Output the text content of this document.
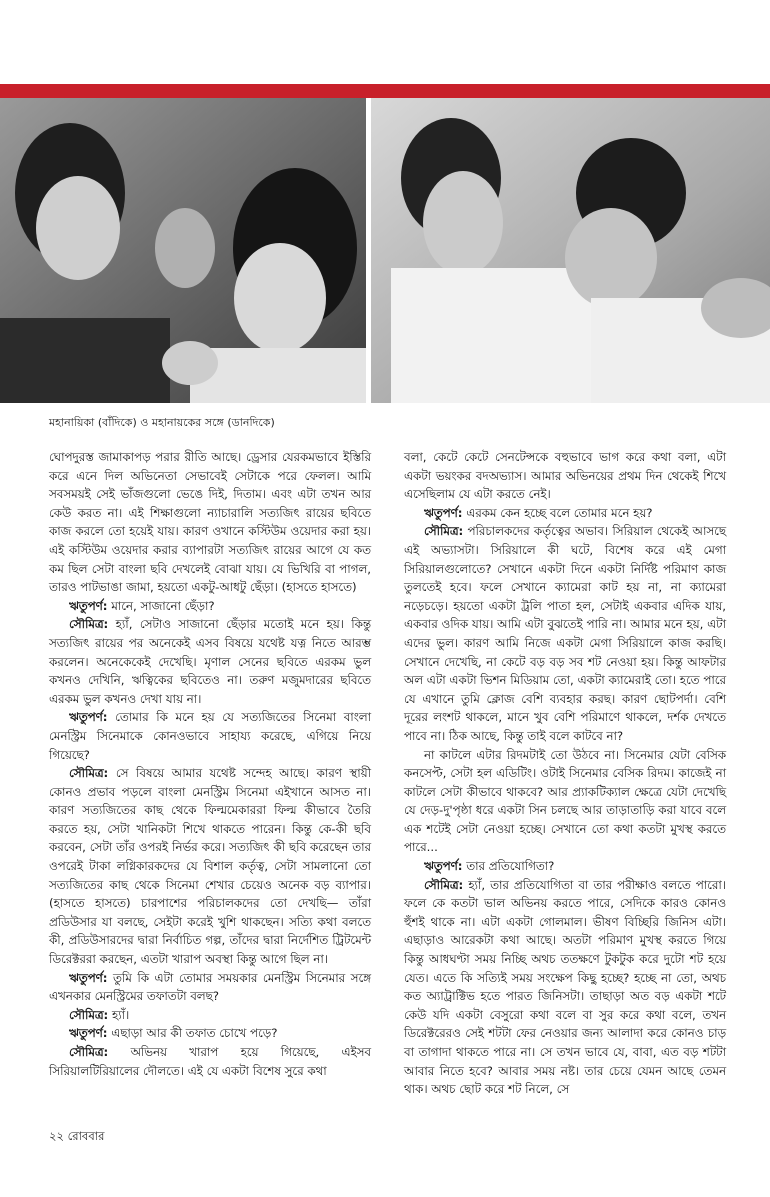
মহানায়িকা (বাঁদিকে) ও মহানায়কের সঙ্গে (ডানদিকে)

ঘোপদুরস্ত জামাকাপড় পরার রীতি আছে। ড্রেসার যেরকমভাবে ইস্তিরি করে এনে দিল অভিনেতা সেভাবেই সেটাকে পরে ফেলল। আমি সবসময়ই সেই ভাঁজগুলো ভেঙে দিই, দিতাম। এবং এটা তখন আর কেউ করত না। এই শিক্ষাগুলো ন্যাচারালি সত্যজিৎ রায়ের ছবিতে কাজ করলে তো হয়েই যায়। কারণ ওখানে কস্টিউম ওয়েদার করা হয়। এই কস্টিউম ওয়েদার করার ব্যাপারটা সত্যজিৎ রায়ের আগে যে কত কম ছিল সেটা বাংলা ছবি দেখলেই বোঝা যায়। যে ভিখিরি বা পাগল, তারও পাটভাঙা জামা, হয়তো একটু-আধটু ছেঁড়া। (হাসতে হাসতে)

ঋতুপর্ণ: মানে, সাজানো ছেঁড়া?

সৌমিত্র: হ্যাঁ, সেটাও সাজানো ছেঁড়ার মতোই মনে হয়। কিন্তু সত্যজিৎ রায়ের পর অনেকেই এসব বিষয়ে যথেষ্ট যত্ন নিতে আরম্ভ করলেন। অনেকেকেই দেখেছি। মৃণাল সেনের ছবিতে এরকম ভুল কখনও দেখিনি, ঋত্বিকের ছবিতেও না। তরুণ মজুমদারের ছবিতে এরকম ভুল কখনও দেখা যায় না।

ঋতুপর্ণ: তোমার কি মনে হয় যে সত্যজিতের সিনেমা বাংলা মেনস্ট্রিম সিনেমাকে কোনওভাবে সাহায্য করেছে, এগিয়ে নিয়ে গিয়েছে?

সৌমিত্র: সে বিষয়ে আমার যথেষ্ট সন্দেহ আছে। কারণ স্থায়ী কোনও প্রভাব পড়লে বাংলা মেনস্ট্রিম সিনেমা এইখানে আসত না। কারণ সত্যজিতের কাছ থেকে ফিল্মমেকাররা ফিল্ম কীভাবে তৈরি করতে হয়, সেটা খানিকটা শিখে থাকতে পারেন। কিন্তু কে-কী ছবি করবেন, সেটা তাঁর ওপরই নির্ভর করে। সত্যজিৎ কী ছবি করেছেন তার ওপরেই টাকা লগ্নিকারকদের যে বিশাল কর্তৃত্ব, সেটা সামলানো তো সত্যজিতের কাছ থেকে সিনেমা শেখার চেয়েও অনেক বড় ব্যাপার। (হাসতে হাসতে) চারপাশের পরিচালকদের তো দেখছি— তাঁরা প্রডিউসার যা বলছে, সেইটা করেই খুশি থাকছেন। সত্যি কথা বলতে কী, প্রডিউসারদের দ্বারা নির্বাচিত গল্প, তাঁদের দ্বারা নির্দেশিত ট্রিটমেন্ট ডিরেক্টররা করছেন, এতটা খারাপ অবস্থা কিন্তু আগে ছিল না।

ঋতুপর্ণ: তুমি কি এটা তোমার সময়কার মেনস্ট্রিম সিনেমার সঙ্গে এখনকার মেনস্ট্রিমের তফাতটা বলছ?

সৌমিত্র: হ্যাঁ।

ঋতুপর্ণ: এছাড়া আর কী তফাত চোখে পড়ে?

সৌমিত্র: অভিনয় খারাপ হয়ে গিয়েছে, এইসব সিরিয়ালটিরিয়ালের দৌলতে। এই যে একটা বিশেষ সুরে কথা

বলা, কেটে কেটে সেনটেন্সকে বহুভাবে ভাগ করে কথা বলা, এটা একটা ভয়ংকর বদঅভ্যাস। আমার অভিনয়ের প্রথম দিন থেকেই শিখে এসেছিলাম যে এটা করতে নেই।

ঋতুপর্ণ: এরকম কেন হচ্ছে বলে তোমার মনে হয়?

সৌমিত্র: পরিচালকদের কর্তৃত্বের অভাব। সিরিয়াল থেকেই আসছে এই অভ্যাসটা। সিরিয়ালে কী ঘটে, বিশেষ করে এই মেগা সিরিয়ালগুলোতে? সেখানে একটা দিনে একটা নির্দিষ্ট পরিমাণ কাজ তুলতেই হবে। ফলে সেখানে ক্যামেরা কাট হয় না, না ক্যামেরা নড়েচড়ে। হয়তো একটা ট্রলি পাতা হল, সেটাই একবার এদিক যায়, একবার ওদিক যায়। আমি এটা বুঝতেই পারি না। আমার মনে হয়, এটা এদের ভুল। কারণ আমি নিজে একটা মেগা সিরিয়ালে কাজ করছি। সেখানে দেখেছি, না কেটে বড় বড় সব শট নেওয়া হয়। কিন্তু আফটার অল এটা একটা ভিশন মিডিয়াম তো, একটা ক্যামেরাই তো। হতে পারে যে এখানে তুমি ক্লোজ বেশি ব্যবহার করছ। কারণ ছোটপর্দা। বেশি দূরের লংশট থাকলে, মানে খুব বেশি পরিমাণে থাকলে, দর্শক দেখতে পাবে না। ঠিক আছে, কিন্তু তাই বলে কাটবে না?

না কাটলে এটার রিদমটাই তো উঠবে না। সিনেমার যেটা বেসিক কনসেপ্ট, সেটা হল এডিটিং। ওটাই সিনেমার বেসিক রিদম। কাজেই না কাটলে সেটা কীভাবে থাকবে? আর প্র্যাকটিক্যাল ক্ষেত্রে যেটা দেখেছি যে দেড়-দু'পৃষ্ঠা ধরে একটা সিন চলছে আর তাড়াতাড়ি করা যাবে বলে এক শটেই সেটা নেওয়া হচ্ছে। সেখানে তো কথা কতটা মুখস্থ করতে পারে...

ঋতুপর্ণ: তার প্রতিযোগিতা?

সৌমিত্র: হ্যাঁ, তার প্রতিযোগিতা বা তার পরীক্ষাও বলতে পারো। ফলে কে কতটা ভাল অভিনয় করতে পারে, সেদিকে কারও কোনও হুঁশই থাকে না। এটা একটা গোলমাল। ভীষণ বিচ্ছিরি জিনিস এটা। এছাড়াও আরেকটা কথা আছে। অতটা পরিমাণ মুখস্থ করতে গিয়ে কিন্তু আধঘণ্টা সময় নিচ্ছি অথচ ততক্ষণে টুকটুক করে দুটো শট হয়ে যেত। এতে কি সত্যিই সময় সংক্ষেপ কিছু হচ্ছে? হচ্ছে না তো, অথচ কত অ্যাট্রাক্টিভ হতে পারত জিনিসটা। তাছাড়া অত বড় একটা শটে কেউ যদি একটা বেসুরো কথা বলে বা সুর করে কথা বলে, তখন ডিরেক্টরেরও সেই শটটা ফের নেওয়ার জন্য আলাদা করে কোনও চাড় বা তাগাদা থাকতে পারে না। সে তখন ভাবে যে, বাবা, এত বড় শটটা আবার নিতে হবে? আবার সময় নষ্ট। তার চেয়ে যেমন আছে তেমন থাক। অথচ ছোট করে শট নিলে, সে

২২ রোববার
